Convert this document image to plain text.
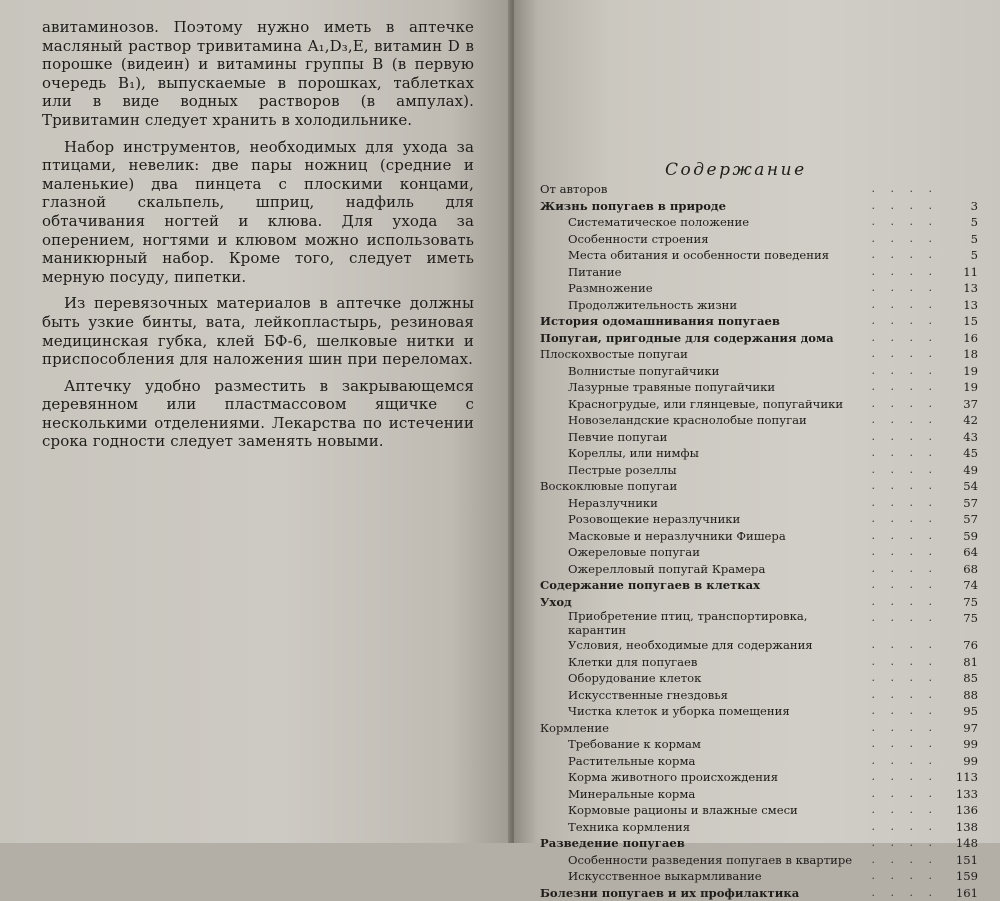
авитаминозов. Поэтому нужно иметь в аптечке масляный раствор тривитамина A₁,D₃,E, витамин D в порошке (видеин) и витамины группы B (в первую очередь B₁), выпускаемые в порошках, таблетках или в виде водных растворов (в ампулах). Тривитамин следует хранить в холодильнике.

Набор инструментов, необходимых для ухода за птицами, невелик: две пары ножниц (средние и маленькие) два пинцета с плоскими концами, глазной скальпель, шприц, надфиль для обтачивания ногтей и клюва. Для ухода за оперением, ногтями и клювом можно использовать маникюрный набор. Кроме того, следует иметь мерную посуду, пипетки.

Из перевязочных материалов в аптечке должны быть узкие бинты, вата, лейкопластырь, резиновая медицинская губка, клей БФ-6, шелковые нитки и приспособления для наложения шин при переломах.

Аптечку удобно разместить в закрывающемся деревянном или пластмассовом ящичке с несколькими отделениями. Лекарства по истечении срока годности следует заменять новыми.

Содержание
От авторов	. . . .
Жизнь попугаев в природе	. . . .	3
Систематическое положение	. . . .	5
Особенности строения	. . . .	5
Места обитания и особенности поведения	. . . .	5
Питание	. . . .	11
Размножение	. . . .	13
Продолжительность жизни	. . . .	13
История одомашнивания попугаев	. . . .	15
Попугаи, пригодные для содержания дома	. . . .	16
Плоскохвостые попугаи	. . . .	18
Волнистые попугайчики	. . . .	19
Лазурные травяные попугайчики	. . . .	19
Красногрудые, или глянцевые, попугайчики	. . . .	37
Новозеландские краснолобые попугаи	. . . .	42
Певчие попугаи	. . . .	43
Кореллы, или нимфы	. . . .	45
Пестрые розеллы	. . . .	49
Воскоклювые попугаи	. . . .	54
Неразлучники	. . . .	57
Розовощекие неразлучники	. . . .	57
Масковые и неразлучники Фишера	. . . .	59
Ожереловые попугаи	. . . .	64
Ожерелловый попугай Крамера	. . . .	68
Содержание попугаев в клетках	. . . .	74
Уход	. . . .	75
Приобретение птиц, транспортировка, карантин
. . . .	75
Условия, необходимые для содержания	. . . .	76
Клетки для попугаев	. . . .	81
Оборудование клеток	. . . .	85
Искусственные гнездовья	. . . .	88
Чистка клеток и уборка помещения	. . . .	95
Кормление	. . . .	97
Требование к кормам	. . . .	99
Растительные корма	. . . .	99
Корма животного происхождения	. . . .	113
Минеральные корма	. . . .	133
Кормовые рационы и влажные смеси	. . . .	136
Техника кормления	. . . .	138
Разведение попугаев	. . . .	148
Особенности разведения попугаев в квартире . . . .	151
Искусственное выкармливание	. . . .	159
Болезни попугаев и их профилактика	. . . .	161
